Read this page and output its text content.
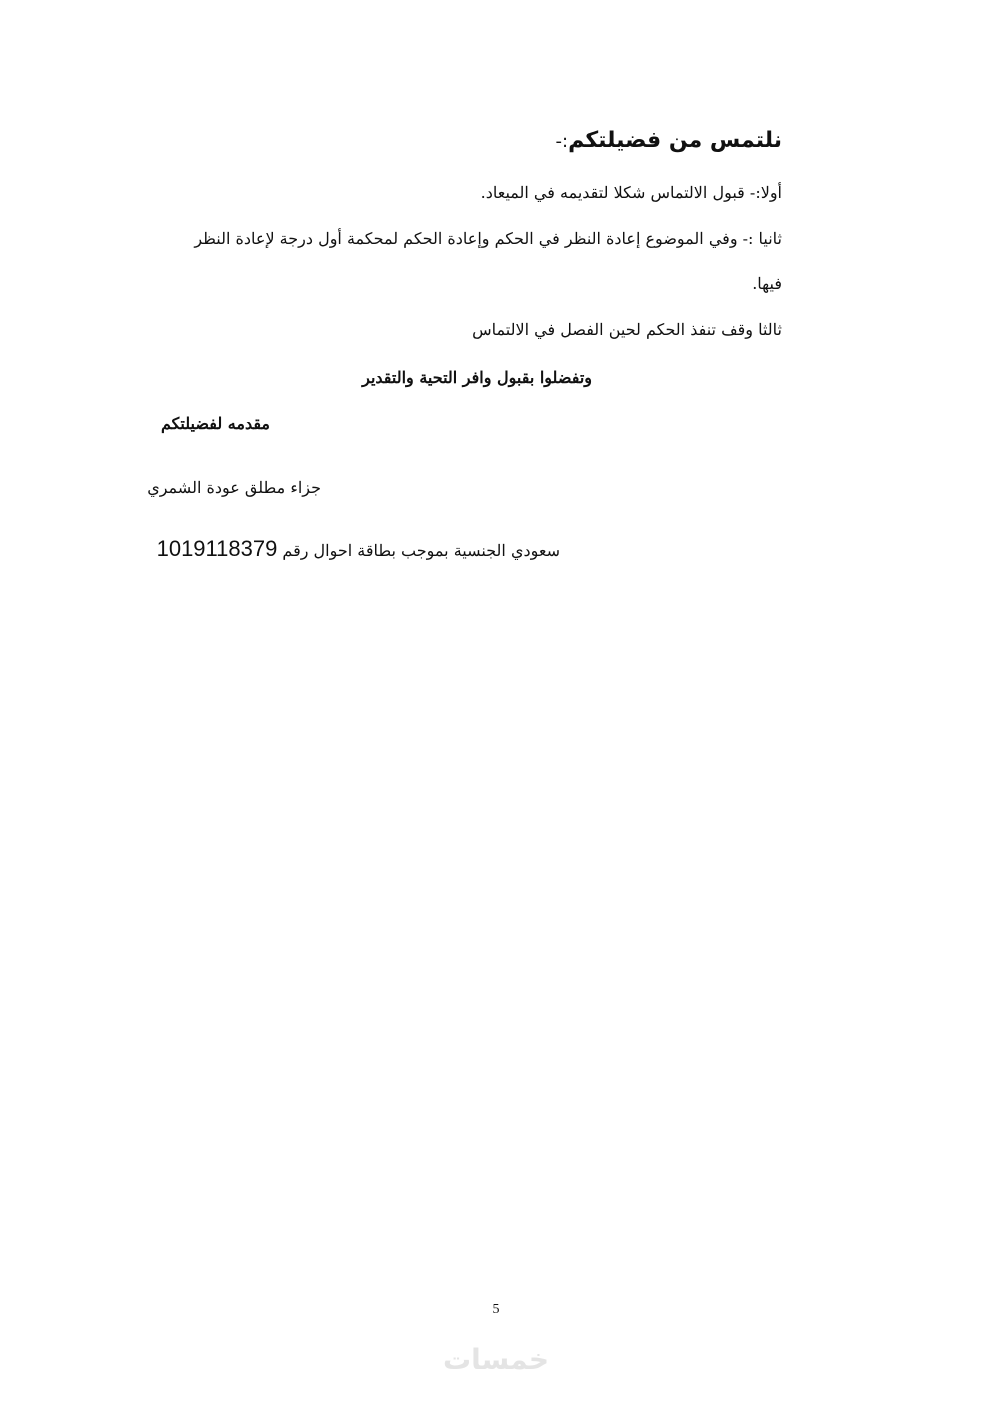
نلتمس من فضيلتكم:-
أولا:- قبول الالتماس شكلا لتقديمه في الميعاد.
ثانيا :- وفي الموضوع إعادة النظر في الحكم وإعادة الحكم لمحكمة أول درجة لإعادة النظر
فيها.
ثالثا وقف تنفذ الحكم لحين الفصل في الالتماس
وتفضلوا بقبول وافر التحية والتقدير
مقدمه لفضيلتكم
جزاء مطلق عودة الشمري
سعودي الجنسية بموجب بطاقة احوال رقم 1019118379
5
خمسات
